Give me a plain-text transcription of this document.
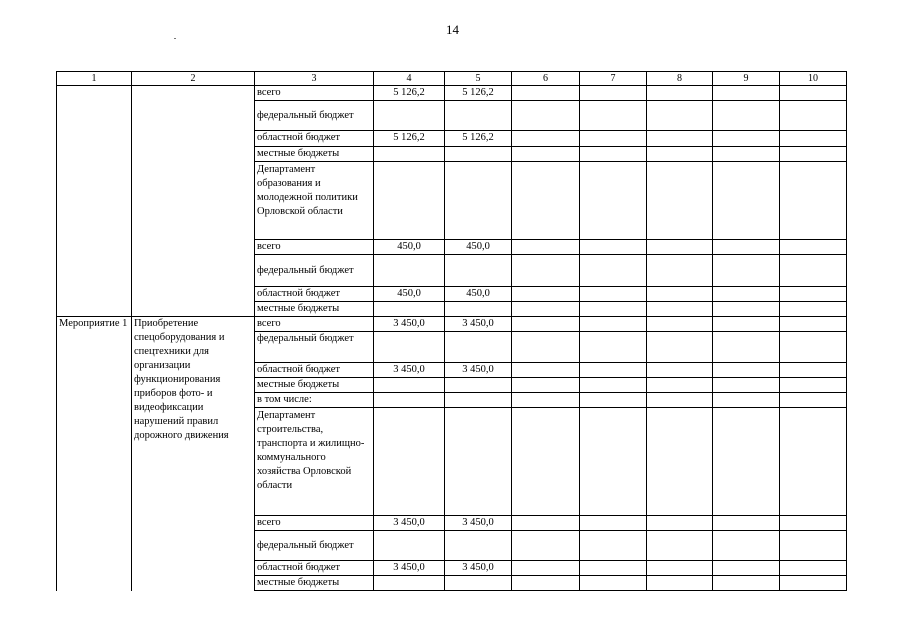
14
1	2	3	4	5	6	7	8	9	10
		всего	5 126,2	5 126,2					
		федеральный бюджет							
		областной бюджет	5 126,2	5 126,2					
		местные бюджеты							
		Департамент образования и молодежной политики Орловской области							
		всего	450,0	450,0					
		федеральный бюджет							
		областной бюджет	450,0	450,0					
		местные бюджеты							
Мероприятие 1	Приобретение спецоборудования и спецтехники для организации функционирования приборов фото- и видеофиксации нарушений правил дорожного движения	всего	3 450,0	3 450,0					
		федеральный бюджет							
		областной бюджет	3 450,0	3 450,0					
		местные бюджеты							
		в том числе:							
		Департамент строительства, транспорта и жилищно-коммунального хозяйства Орловской области							
		всего	3 450,0	3 450,0					
		федеральный бюджет							
		областной бюджет	3 450,0	3 450,0					
		местные бюджеты							
